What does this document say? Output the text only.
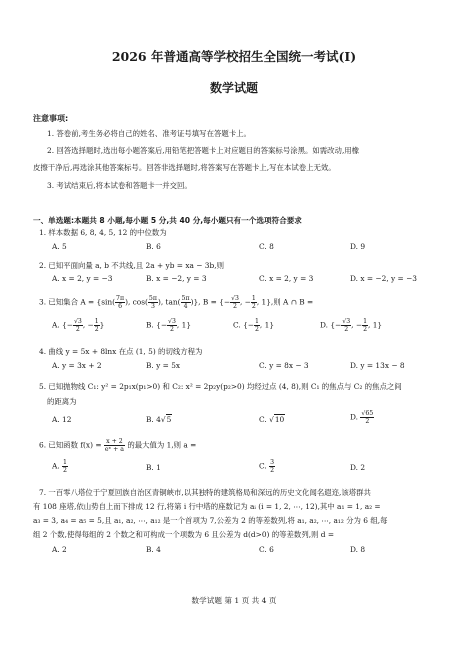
2026 年普通高等学校招生全国统一考试(Ⅰ)
数学试题
注意事项:
1. 答卷前,考生务必将自己的姓名、准考证号填写在答题卡上。
2. 回答选择题时,选出每小题答案后,用铅笔把答题卡上对应题目的答案标号涂黑。如需改动,用橡
皮擦干净后,再选涂其他答案标号。回答非选择题时,将答案写在答题卡上,写在本试卷上无效。
3. 考试结束后,将本试卷和答题卡一并交回。
一、单选题:本题共 8 小题,每小题 5 分,共 40 分,每小题只有一个选项符合要求
1. 样本数据 6, 8, 4, 5, 12 的中位数为
A. 5	B. 6	C. 8	D. 9
2. 已知平面向量 a, b 不共线,且 2a + yb = xa − 3b,则
A. x = 2, y = −3	B. x = −2, y = 3	C. x = 2, y = 3	D. x = −2, y = −3
3. 已知集合 $A = \{\sin( \frac{7\pi}{6}$ ), $\cos( \frac{5\pi}{3}$ ), $\tan( \frac{5\pi}{4}$ )}, B = {− $\frac{√3}{2}$ , − $\frac{1}{2}$ , 1},则 A ∩ B =
A. {− $\frac{√3}{2}$ , − $\frac{1}{2}$ }	B. {− $\frac{√3}{2}$ , 1}	C. {− $\frac{1}{2}$ , 1}	D. {− $\frac{√3}{2}$ , − $\frac{1}{2}$ , 1}
4. 曲线 y = 5x + 8lnx 在点 (1, 5) 的切线方程为
A. y = 3x + 2	B. y = 5x	C. y = 8x − 3	D. y = 13x − 8
5. 已知抛物线 C₁: y² = 2p₁x(p₁>0) 和 C₂: x² = 2p₂y(p₂>0) 均经过点 (4, 8),则 C₁ 的焦点与 C₂ 的焦点之间
的距离为
A. 12	B. 4√5	C. √10	D. $\frac{√65}{2}$
6. 已知函数 $f(x) = \frac{x + 2}{\text{eˣ + a}}$ 的最大值为 1,则 a =
A. $\frac{1}{2}$	B. 1	C. $\frac{3}{2}$	D. 2
7. 一百零八塔位于宁夏回族自治区青铜峡市,以其独特的建筑格局和深远的历史文化闻名遐迩,该塔群共
有 108 座塔,依山势自上而下排成 12 行,将第 i 行中塔的座数记为 aᵢ (i = 1, 2, ⋯, 12),其中 a₁ = 1, a₂ =
a₃ = 3, a₄ = a₅ = 5,且 a₁, a₂, ⋯, a₁₂ 是一个首项为 7,公差为 2 的等差数列,将 a₁, a₂, ⋯, a₁₂ 分为 6 组,每
组 2 个数,使得每组的 2 个数之和可构成一个项数为 6 且公差为 d(d>0) 的等差数列,则 d =
A. 2	B. 4	C. 6	D. 8
数学试题 第 1 页 共 4 页
